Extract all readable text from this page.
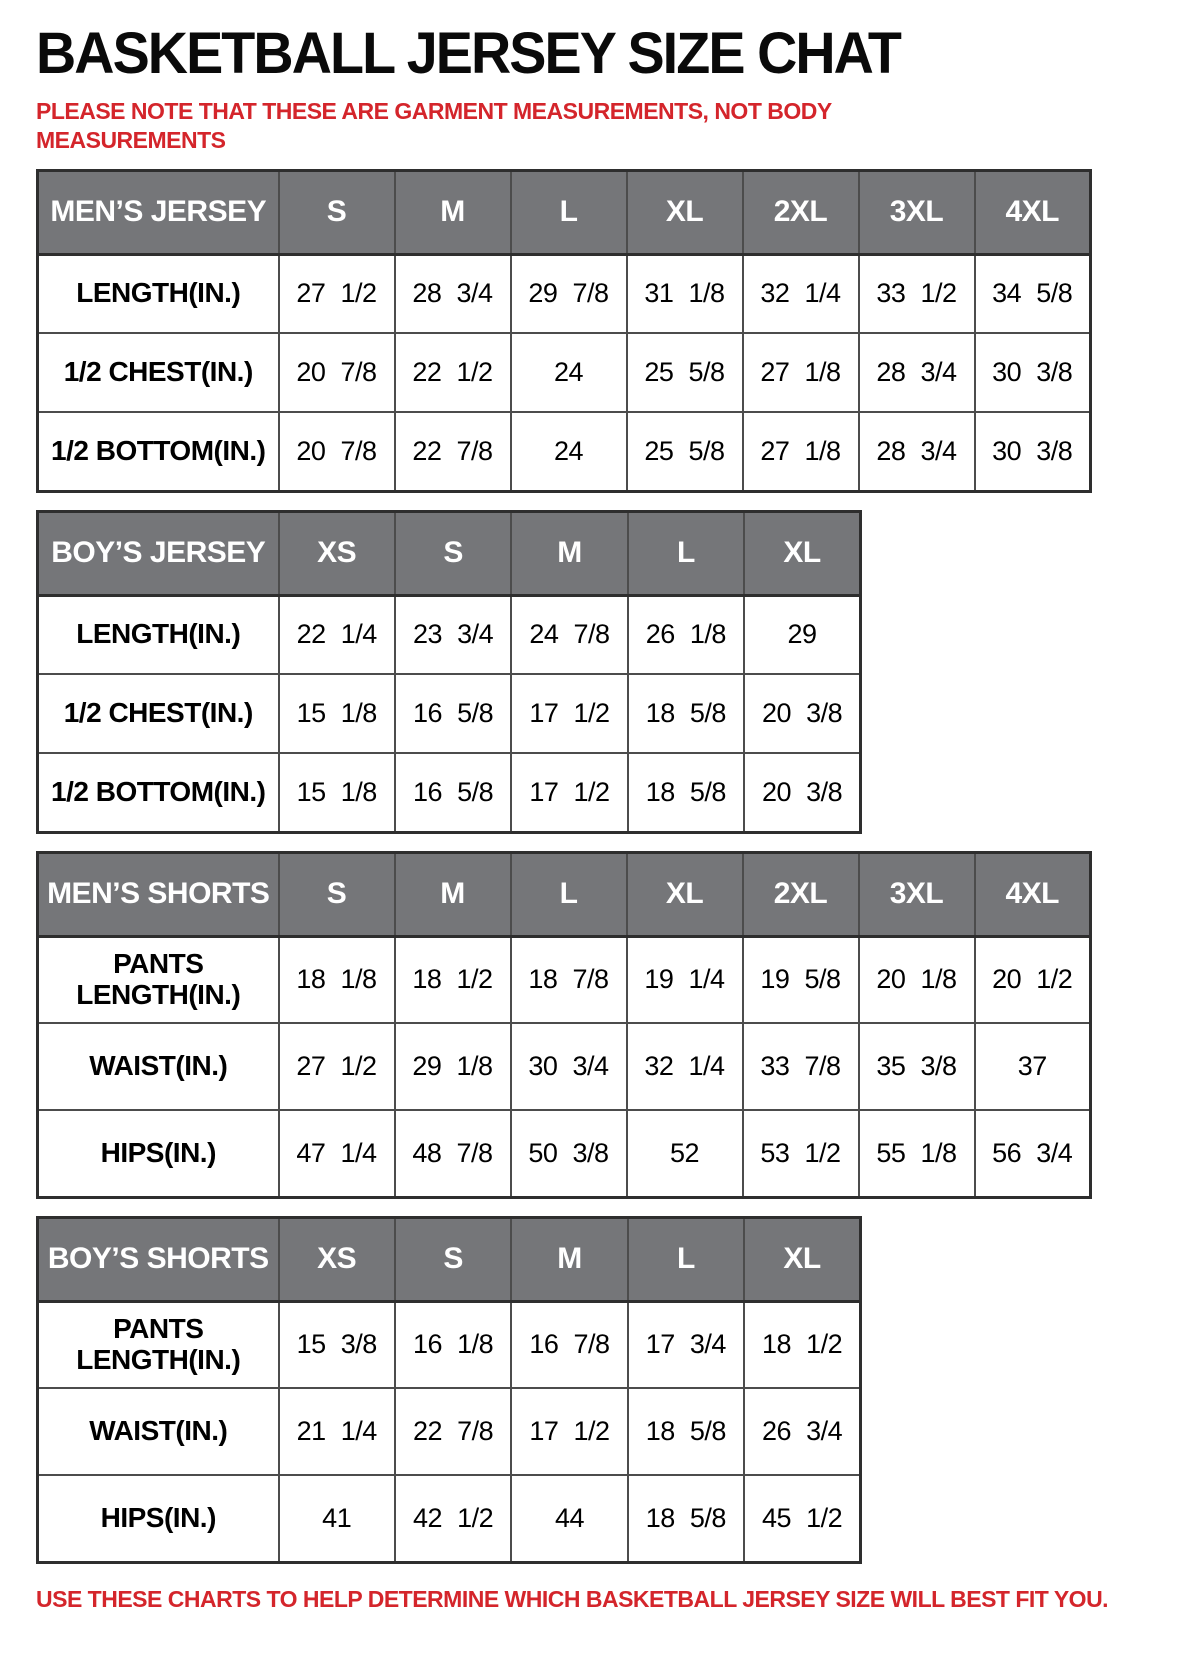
BASKETBALL JERSEY SIZE CHAT
PLEASE NOTE THAT THESE ARE GARMENT MEASUREMENTS, NOT BODY MEASUREMENTS
MEN’S JERSEY	S	M	L	XL	2XL	3XL	4XL
LENGTH(IN.)	27 1/2	28 3/4	29 7/8	31 1/8	32 1/4	33 1/2	34 5/8
1/2 CHEST(IN.)	20 7/8	22 1/2	24	25 5/8	27 1/8	28 3/4	30 3/8
1/2 BOTTOM(IN.)	20 7/8	22 7/8	24	25 5/8	27 1/8	28 3/4	30 3/8
BOY’S JERSEY	XS	S	M	L	XL
LENGTH(IN.)	22 1/4	23 3/4	24 7/8	26 1/8	29
1/2 CHEST(IN.)	15 1/8	16 5/8	17 1/2	18 5/8	20 3/8
1/2 BOTTOM(IN.)	15 1/8	16 5/8	17 1/2	18 5/8	20 3/8
MEN’S SHORTS	S	M	L	XL	2XL	3XL	4XL
PANTS LENGTH(IN.)	18 1/8	18 1/2	18 7/8	19 1/4	19 5/8	20 1/8	20 1/2
WAIST(IN.)	27 1/2	29 1/8	30 3/4	32 1/4	33 7/8	35 3/8	37
HIPS(IN.)	47 1/4	48 7/8	50 3/8	52	53 1/2	55 1/8	56 3/4
BOY’S SHORTS	XS	S	M	L	XL
PANTS LENGTH(IN.)	15 3/8	16 1/8	16 7/8	17 3/4	18 1/2
WAIST(IN.)	21 1/4	22 7/8	17 1/2	18 5/8	26 3/4
HIPS(IN.)	41	42 1/2	44	18 5/8	45 1/2
USE THESE CHARTS TO HELP DETERMINE WHICH BASKETBALL JERSEY SIZE WILL BEST FIT YOU.
